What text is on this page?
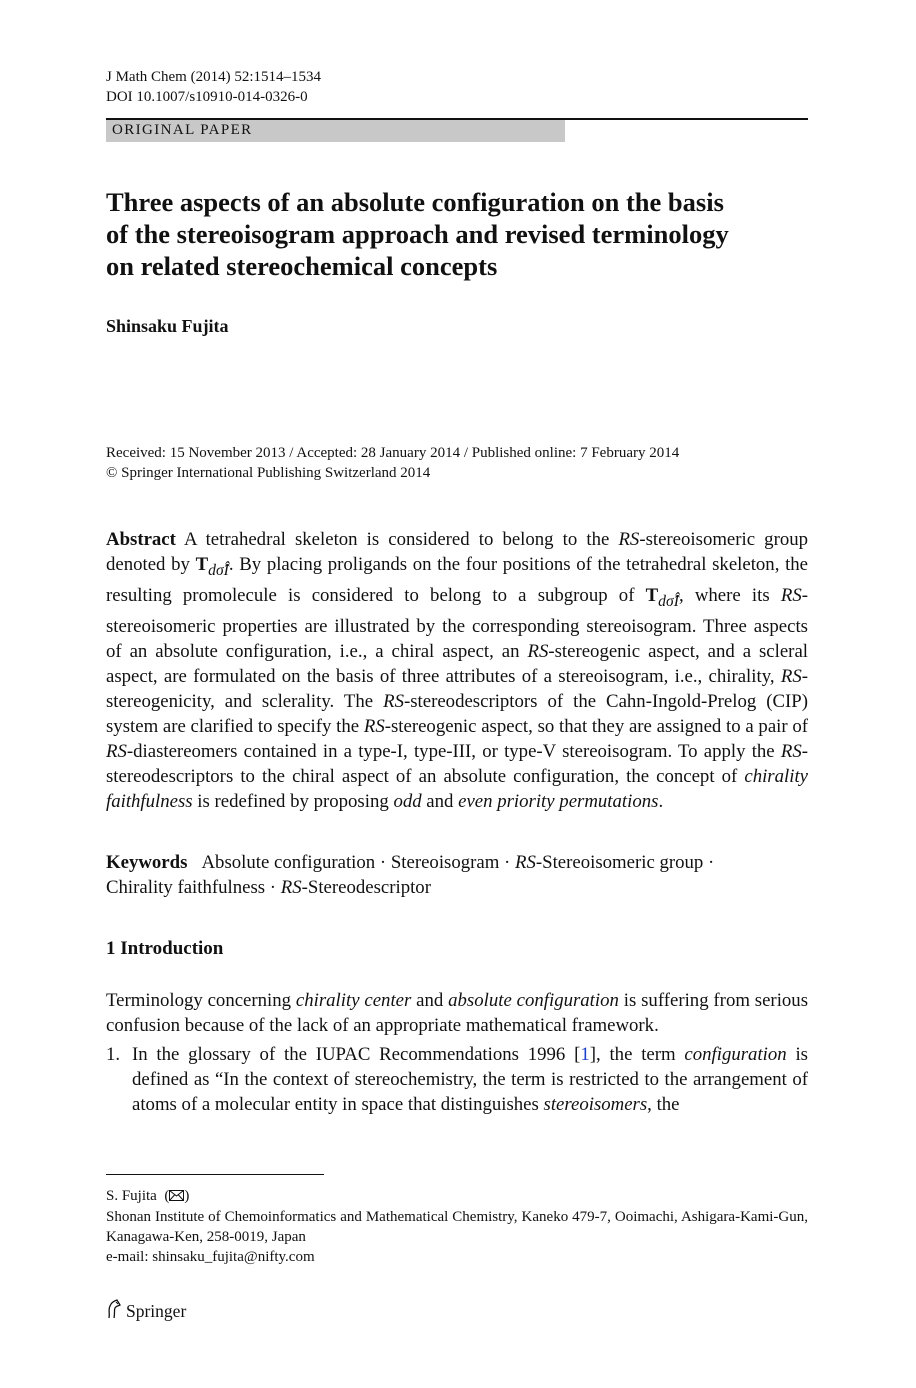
J Math Chem (2014) 52:1514–1534
DOI 10.1007/s10910-014-0326-0
ORIGINAL PAPER
Three aspects of an absolute configuration on the basis
of the stereoisogram approach and revised terminology
on related stereochemical concepts
Shinsaku Fujita
Received: 15 November 2013 / Accepted: 28 January 2014 / Published online: 7 February 2014
© Springer International Publishing Switzerland 2014
Abstract A tetrahedral skeleton is considered to belong to the RS-stereoisomeric group denoted by $T_{d\sigmâÎ}$. By placing proligands on the four positions of the tetrahedral skeleton, the resulting promolecule is considered to belong to a subgroup of $T_{d\sigmâÎ}$, where its RS-stereoisomeric properties are illustrated by the corresponding stereoisogram. Three aspects of an absolute configuration, i.e., a chiral aspect, an RS-stereogenic aspect, and a scleral aspect, are formulated on the basis of three attributes of a stereoisogram, i.e., chirality, RS-stereogenicity, and sclerality. The RS-stereodescriptors of the Cahn-Ingold-Prelog (CIP) system are clarified to specify the RS-stereogenic aspect, so that they are assigned to a pair of RS-diastereomers contained in a type-I, type-III, or type-V stereoisogram. To apply the RS-stereodescriptors to the chiral aspect of an absolute configuration, the concept of chirality faithfulness is redefined by proposing odd and even priority permutations.
Keywords Absolute configuration · Stereoisogram · RS-Stereoisomeric group ·
Chirality faithfulness · RS-Stereodescriptor
1 Introduction
Terminology concerning chirality center and absolute configuration is suffering from serious confusion because of the lack of an appropriate mathematical framework.
1. In the glossary of the IUPAC Recommendations 1996 [1], the term configuration is defined as “In the context of stereochemistry, the term is restricted to the arrangement of atoms of a molecular entity in space that distinguishes stereoisomers, the
S. Fujita  ( )
Shonan Institute of Chemoinformatics and Mathematical Chemistry, Kaneko 479-7, Ooimachi, Ashigara-Kami-Gun, Kanagawa-Ken, 258-0019, Japan
e-mail: shinsaku_fujita@nifty.com
Springer
